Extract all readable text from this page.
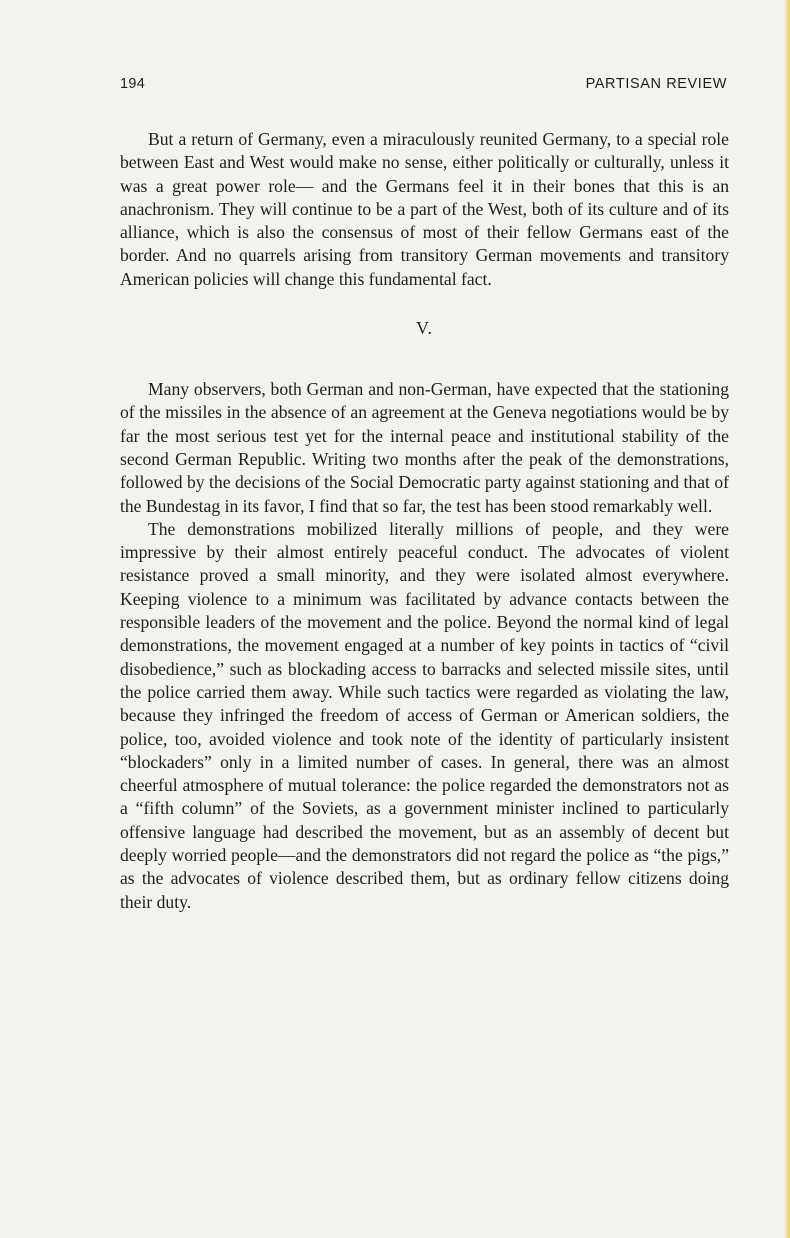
194	PARTISAN REVIEW

But a return of Germany, even a miraculously reunited Germany, to a special role between East and West would make no sense, either politically or culturally, unless it was a great power role— and the Germans feel it in their bones that this is an anachronism. They will continue to be a part of the West, both of its culture and of its alliance, which is also the consensus of most of their fellow Germans east of the border. And no quarrels arising from transitory German movements and transitory American policies will change this fundamental fact.

V.

Many observers, both German and non-German, have expected that the stationing of the missiles in the absence of an agreement at the Geneva negotiations would be by far the most serious test yet for the internal peace and institutional stability of the second German Republic. Writing two months after the peak of the demonstrations, followed by the decisions of the Social Democratic party against stationing and that of the Bundestag in its favor, I find that so far, the test has been stood remarkably well.

The demonstrations mobilized literally millions of people, and they were impressive by their almost entirely peaceful conduct. The advocates of violent resistance proved a small minority, and they were isolated almost everywhere. Keeping violence to a minimum was facilitated by advance contacts between the responsible leaders of the movement and the police. Beyond the normal kind of legal demonstrations, the movement engaged at a number of key points in tactics of “civil disobedience,” such as blockading access to barracks and selected missile sites, until the police carried them away. While such tactics were regarded as violating the law, because they infringed the freedom of access of German or American soldiers, the police, too, avoided violence and took note of the identity of particularly insistent “blockaders” only in a limited number of cases. In general, there was an almost cheerful atmosphere of mutual tolerance: the police regarded the demonstrators not as a “fifth column” of the Soviets, as a government minister inclined to particularly offensive language had described the movement, but as an assembly of decent but deeply worried people—and the demonstrators did not regard the police as “the pigs,” as the advocates of violence described them, but as ordinary fellow citizens doing their duty.
